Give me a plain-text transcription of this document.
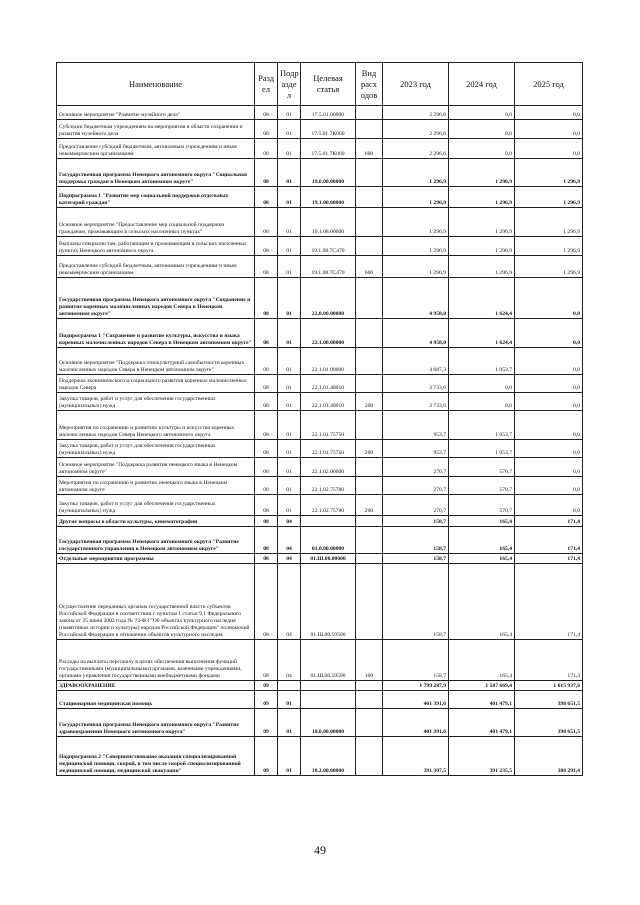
Наименование	Разд ел	Подр азде л	Целевая статья	Вид расх одов	2023 год	2024 год	2025 год
Основное мероприятие "Развитие музейного дела"	08	01	17.5.01.00000		2 296,6	0,0	0,0
Субсидии бюджетным учреждениям на мероприятия в области сохранения и развития музейного дела	08	01	17.5.01.7К060		2 296,6	0,0	0,0
Предоставление субсидий бюджетным, автономным учреждениям и иным некоммерческим организациям	08	01	17.5.01.7К060	600	2 296,6	0,0	0,0
Государственная программа Ненецкого автономного округа "Социальная поддержка граждан в Ненецком автономном округе"	08	01	19.0.00.00000		1 296,9	1 296,9	1 296,9
Подпрограмма 1 "Развитие мер социальной поддержки отдельных категорий граждан"	08	01	19.1.00.00000		1 296,9	1 296,9	1 296,9
Основное мероприятие "Предоставление мер социальной поддержки гражданам, проживающим в сельских населенных пунктах"	08	01	19.1.08.00000		1 296,9	1 296,9	1 296,9
Выплаты специалистам, работающим и проживающим в сельских населенных пунктах Ненецкого автономного округа	08	01	19.1.08.7С470		1 296,9	1 296,9	1 296,9
Предоставление субсидий бюджетным, автономным учреждениям и иным некоммерческим организациям	08	01	19.1.08.7С470	600	1 296,9	1 296,9	1 296,9
Государственная программа Ненецкого автономного округа "Сохранение и развитие коренных малочисленных народов Севера в Ненецком автономном округе"	08	01	22.0.00.00000		4 958,0	1 624,4	0,0
Подпрограмма 1 "Сохранение и развитие культуры, искусства и языка коренных малочисленных народов Севера в Ненецком автономном округе"	08	01	22.1.00.00000		4 958,0	1 624,4	0,0
Основное мероприятие "Поддержка этнокультурной самобытности коренных малочисленных народов Севера в Ненецком автономном округе"	08	01	22.1.01.00000		4 687,3	1 053,7	0,0
Поддержка экономического и социального развития коренных малочисленных народов Севера	08	01	22.1.01.40010		3 733,6	0,0	0,0
Закупка товаров, работ и услуг для обеспечения государственных (муниципальных) нужд	08	01	22.1.01.40010	200	3 733,6	0,0	0,0
Мероприятия по сохранению и развитию культуры и искусства коренных малочисленных народов Севера Ненецкого автономного округа	08	01	22.1.01.75750		953,7	1 053,7	0,0
Закупка товаров, работ и услуг для обеспечения государственных (муниципальных) нужд	08	01	22.1.01.75750	200	953,7	1 053,7	0,0
Основное мероприятие "Поддержка развития ненецкого языка в Ненецком автономном округе"	08	01	22.1.02.00000		270,7	570,7	0,0
Мероприятия по сохранению и развитию ненецкого языка в Ненецком автономном округе	08	01	22.1.02.75780		270,7	570,7	0,0
Закупка товаров, работ и услуг для обеспечения государственных (муниципальных) нужд	08	01	22.1.02.75780	200	270,7	570,7	0,0
Другие вопросы в области культуры, кинематографии	08	04			158,7	165,4	171,4
Государственная программа Ненецкого автономного округа "Развитие государственного управления в Ненецком автономном округе"	08	04	01.0.00.00000		158,7	165,4	171,4
Отдельные мероприятия программы	08	04	01.Ш.00.00000		158,7	165,4	171,4
Осуществление переданных органам государственной власти субъектов Российской Федерации в соответствии с пунктом 1 статьи 9.1 Федерального закона от 25 июня 2002 года № 73-ФЗ "Об объектах культурного наследия (памятниках истории и культуры) народов Российской Федерации" полномочий Российской Федерации в отношении объектов культурного наследия	08	04	01.Ш.00.59500		158,7	165,4	171,4
Расходы на выплаты персоналу в целях обеспечения выполнения функций государственными (муниципальными) органами, казенными учреждениями, органами управления государственными внебюджетными фондами	08	04	01.Ш.00.59500	100	158,7	165,4	171,4
ЗДРАВООХРАНЕНИЕ	09				1 799 287,9	1 587 669,4	1 615 937,6
Стационарная медицинская помощь	09	01			401 391,6	401 479,1	398 651,5
Государственная программа Ненецкого автономного округа "Развитие здравоохранения Ненецкого автономного округа"	09	01	18.0.00.00000		401 391,6	401 479,1	398 651,5
Подпрограмма 2 "Совершенствование оказания специализированной медицинской помощи, скорой, в том числе скорой специализированной медицинской помощи, медицинской эвакуации"	09	01	18.2.00.00000		391 307,5	391 235,5	388 291,4
49
